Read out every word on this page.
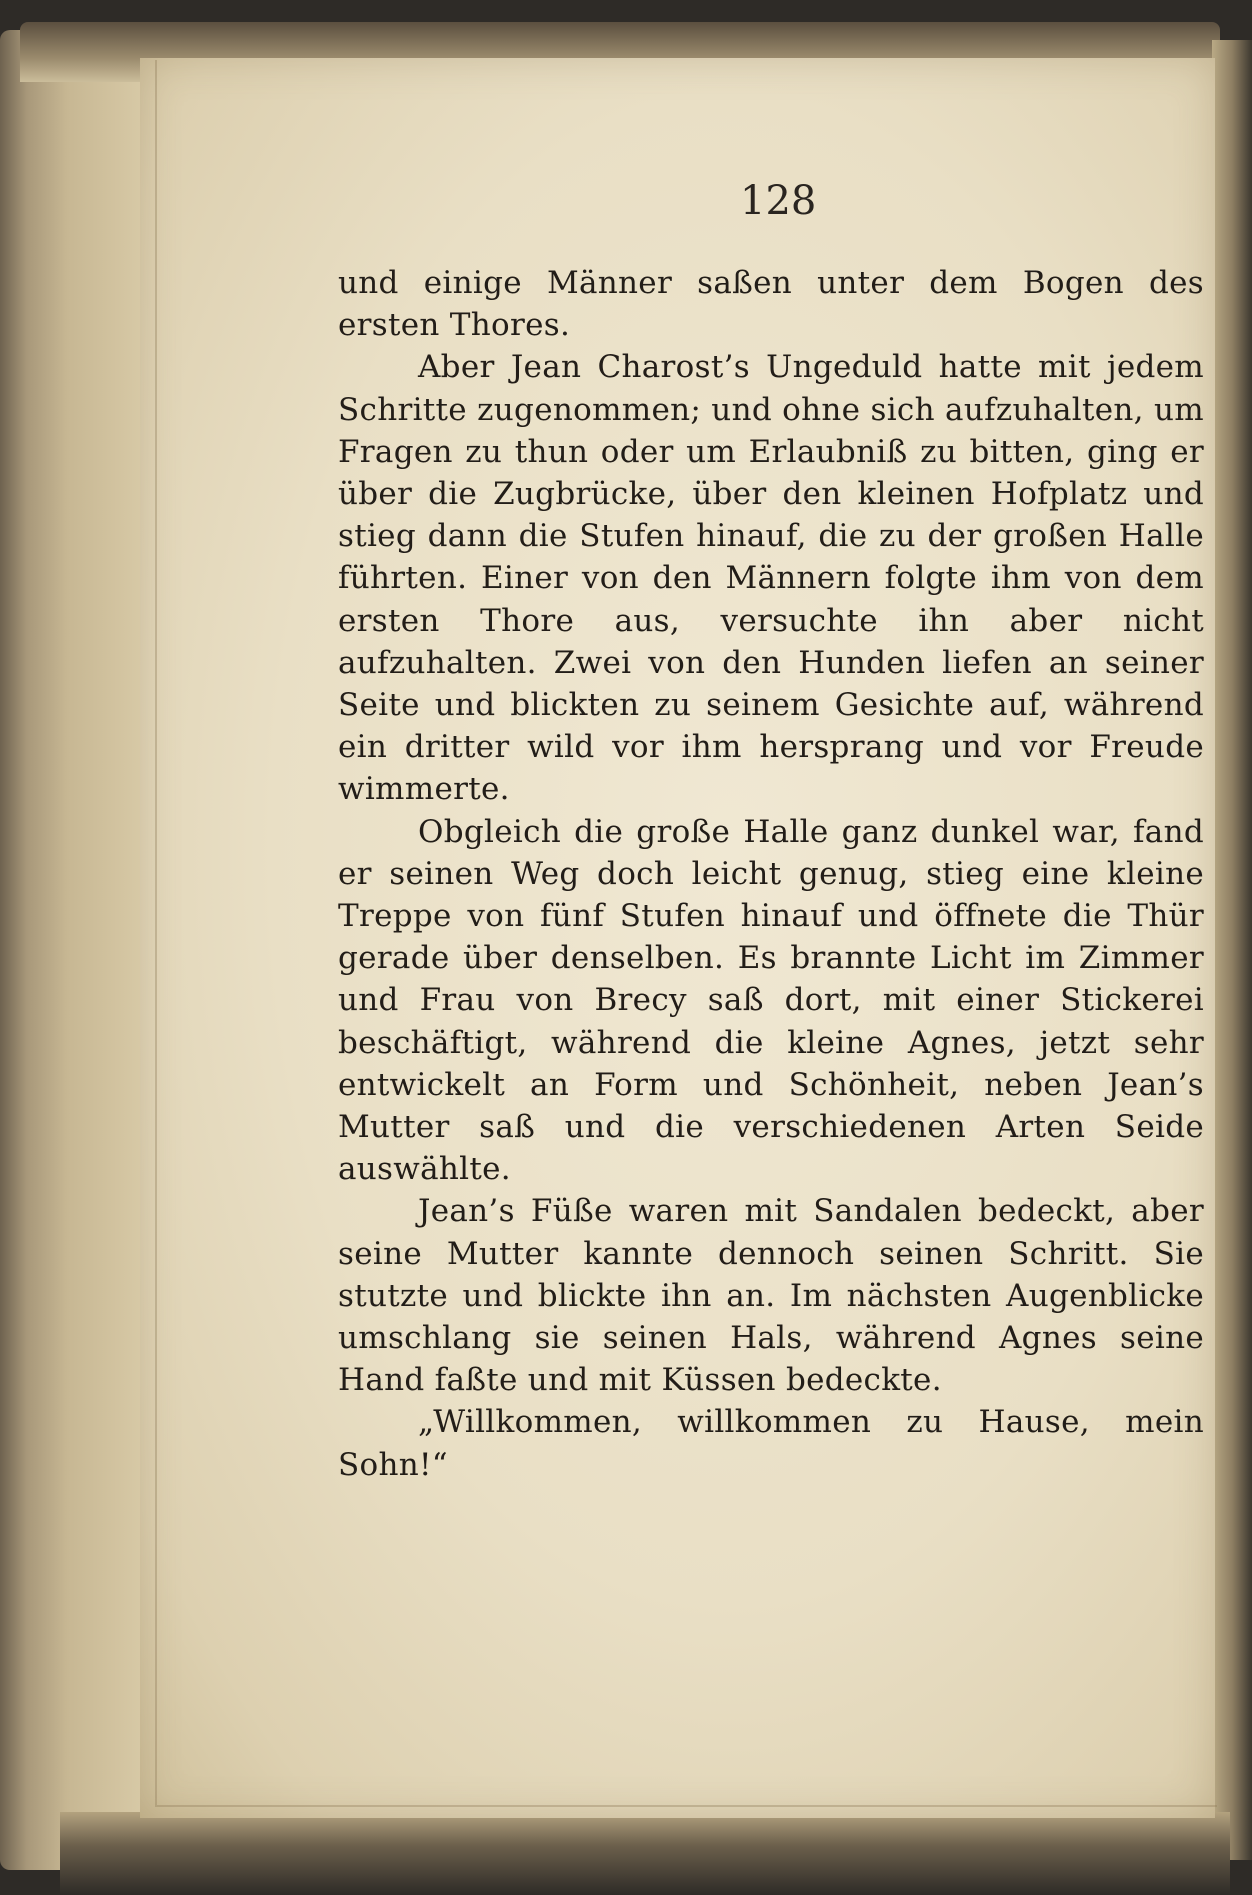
128

und einige Männer saßen unter dem Bogen des ersten Thores.

Aber Jean Charost’s Ungeduld hatte mit jedem Schritte zugenommen; und ohne sich aufzuhalten, um Fragen zu thun oder um Erlaubniß zu bitten, ging er über die Zugbrücke, über den kleinen Hofplatz und stieg dann die Stufen hinauf, die zu der großen Halle führten. Einer von den Männern folgte ihm von dem ersten Thore aus, versuchte ihn aber nicht aufzuhalten. Zwei von den Hunden liefen an seiner Seite und blickten zu seinem Gesichte auf, während ein dritter wild vor ihm hersprang und vor Freude wimmerte.

Obgleich die große Halle ganz dunkel war, fand er seinen Weg doch leicht genug, stieg eine kleine Treppe von fünf Stufen hinauf und öffnete die Thür gerade über denselben. Es brannte Licht im Zimmer und Frau von Brecy saß dort, mit einer Stickerei beschäftigt, während die kleine Agnes, jetzt sehr entwickelt an Form und Schönheit, neben Jean’s Mutter saß und die verschiedenen Arten Seide auswählte.

Jean’s Füße waren mit Sandalen bedeckt, aber seine Mutter kannte dennoch seinen Schritt. Sie stutzte und blickte ihn an. Im nächsten Augenblicke umschlang sie seinen Hals, während Agnes seine Hand faßte und mit Küssen bedeckte.

„Willkommen, willkommen zu Hause, mein Sohn!“
